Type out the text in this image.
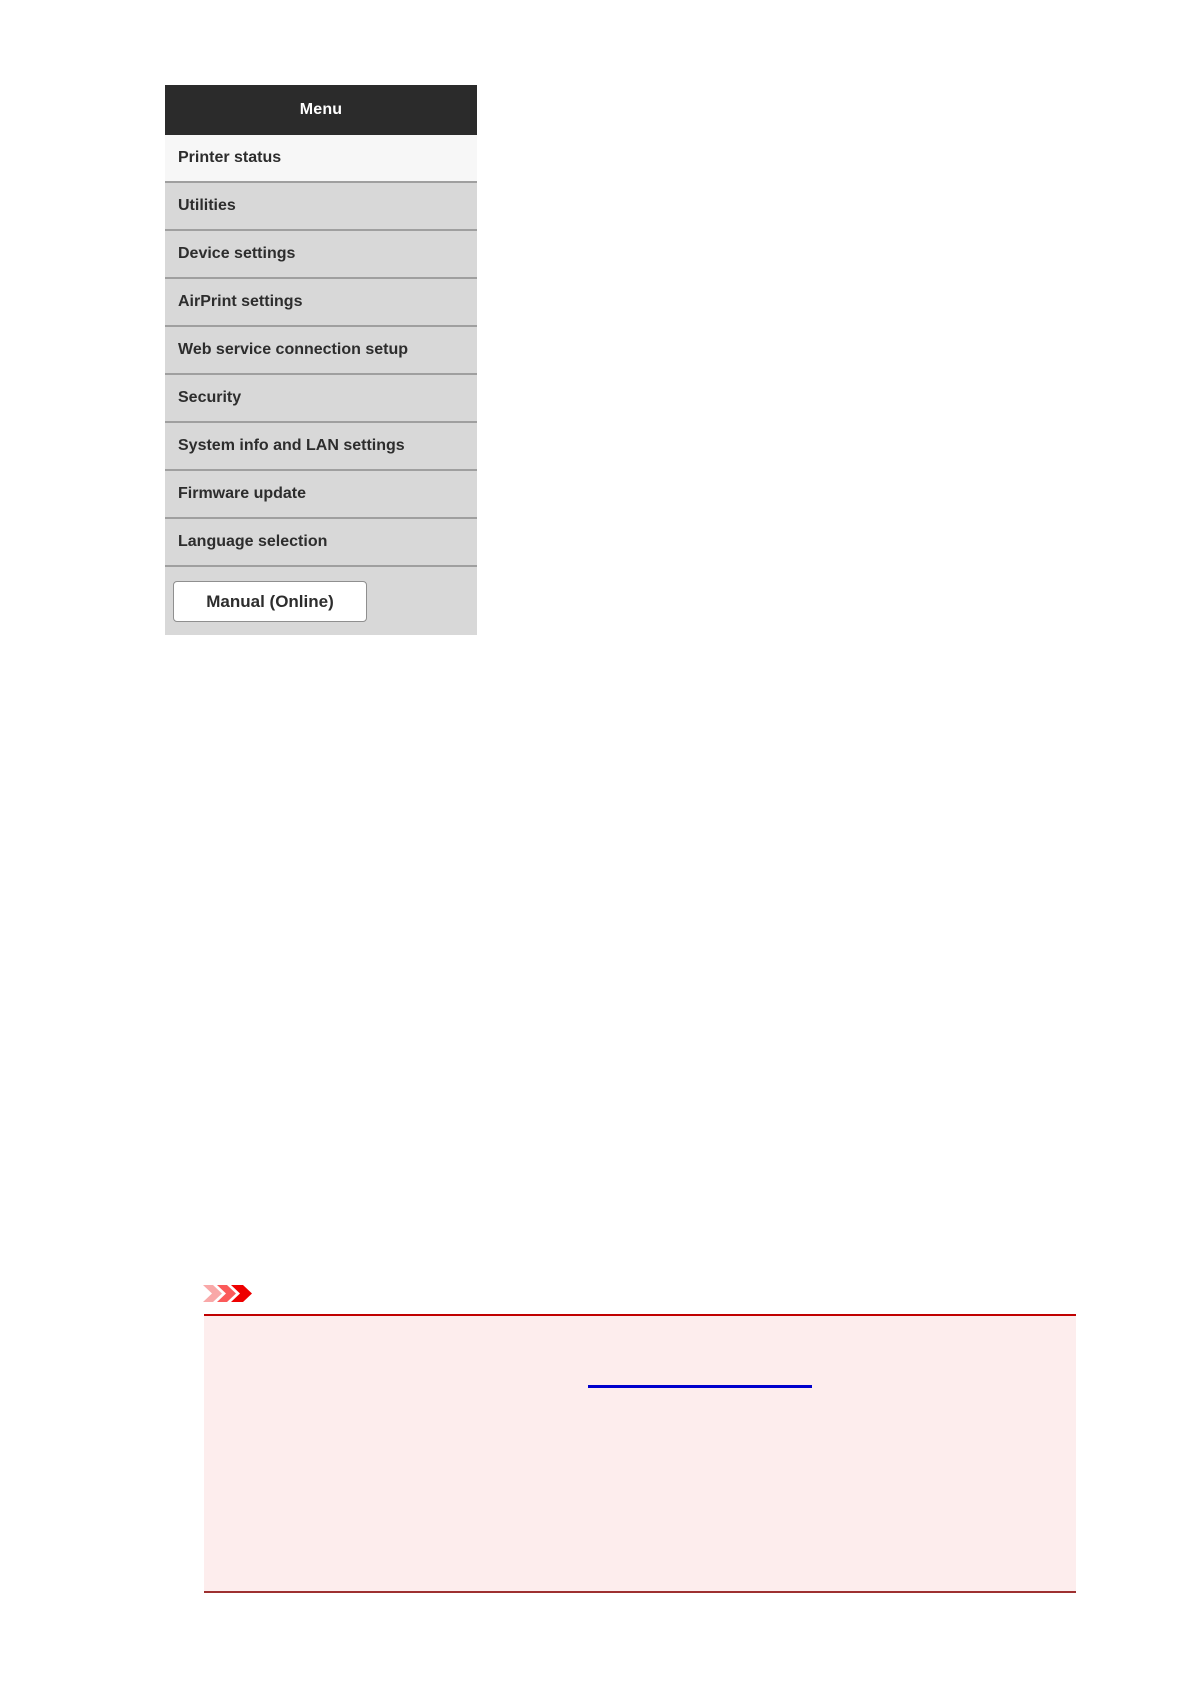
Menu
Printer status
Utilities
Device settings
AirPrint settings
Web service connection setup
Security
System info and LAN settings
Firmware update
Language selection
Manual (Online)
